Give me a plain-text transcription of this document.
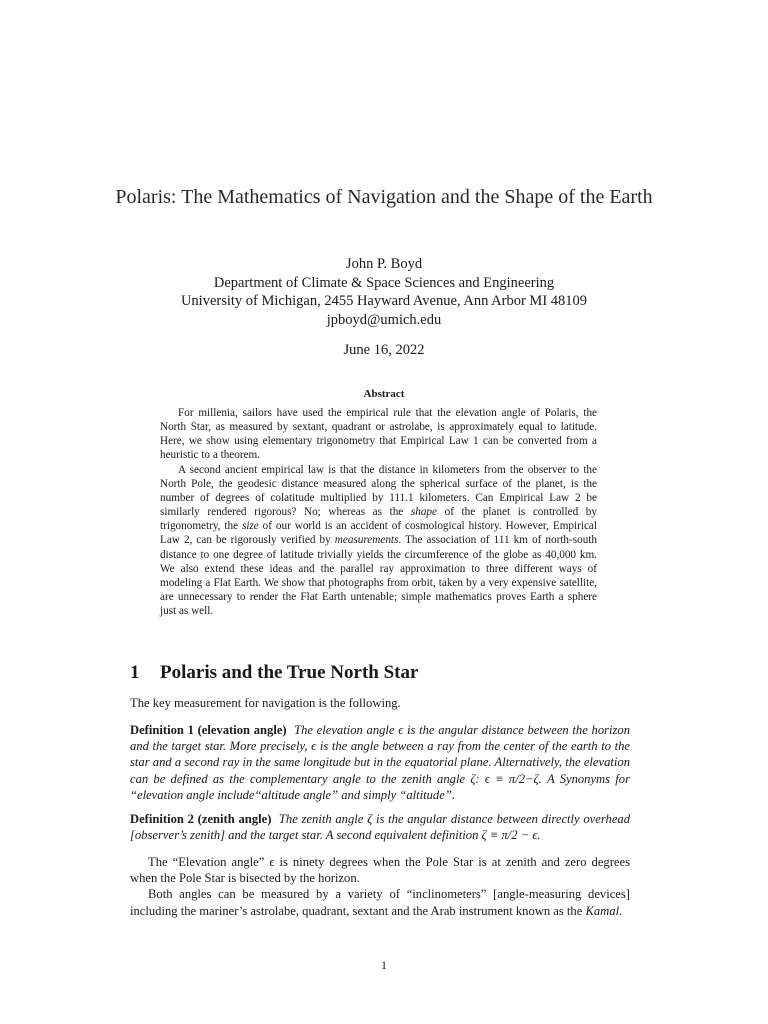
Polaris: The Mathematics of Navigation and the Shape of the Earth
John P. Boyd
Department of Climate & Space Sciences and Engineering
University of Michigan, 2455 Hayward Avenue, Ann Arbor MI 48109
jpboyd@umich.edu
June 16, 2022
Abstract

For millenia, sailors have used the empirical rule that the elevation angle of Polaris, the North Star, as measured by sextant, quadrant or astrolabe, is approximately equal to latitude. Here, we show using elementary trigonometry that Empirical Law 1 can be converted from a heuristic to a theorem.

A second ancient empirical law is that the distance in kilometers from the observer to the North Pole, the geodesic distance measured along the spherical surface of the planet, is the number of degrees of colatitude multiplied by 111.1 kilometers. Can Empirical Law 2 be similarly rendered rigorous? No; whereas as the shape of the planet is controlled by trigonometry, the size of our world is an accident of cosmological history. However, Empirical Law 2, can be rigorously verified by measurements. The association of 111 km of north-south distance to one degree of latitude trivially yields the circumference of the globe as 40,000 km. We also extend these ideas and the parallel ray approximation to three different ways of modeling a Flat Earth. We show that photographs from orbit, taken by a very expensive satellite, are unnecessary to render the Flat Earth untenable; simple mathematics proves Earth a sphere just as well.

1 Polaris and the True North Star

The key measurement for navigation is the following.

Definition 1 (elevation angle) The elevation angle ϵ is the angular distance between the horizon and the target star. More precisely, ϵ is the angle between a ray from the center of the earth to the star and a second ray in the same longitude but in the equatorial plane. Alternatively, the elevation can be defined as the complementary angle to the zenith angle ζ: ϵ ≡ π/2−ζ. A Synonyms for “elevation angle include“altitude angle” and simply “altitude”.

Definition 2 (zenith angle) The zenith angle ζ is the angular distance between directly overhead [observer’s zenith] and the target star. A second equivalent definition ζ ≡ π/2 − ϵ.

The “Elevation angle” ϵ is ninety degrees when the Pole Star is at zenith and zero degrees when the Pole Star is bisected by the horizon.

Both angles can be measured by a variety of “inclinometers” [angle-measuring devices] including the mariner’s astrolabe, quadrant, sextant and the Arab instrument known as the Kamal.

1
